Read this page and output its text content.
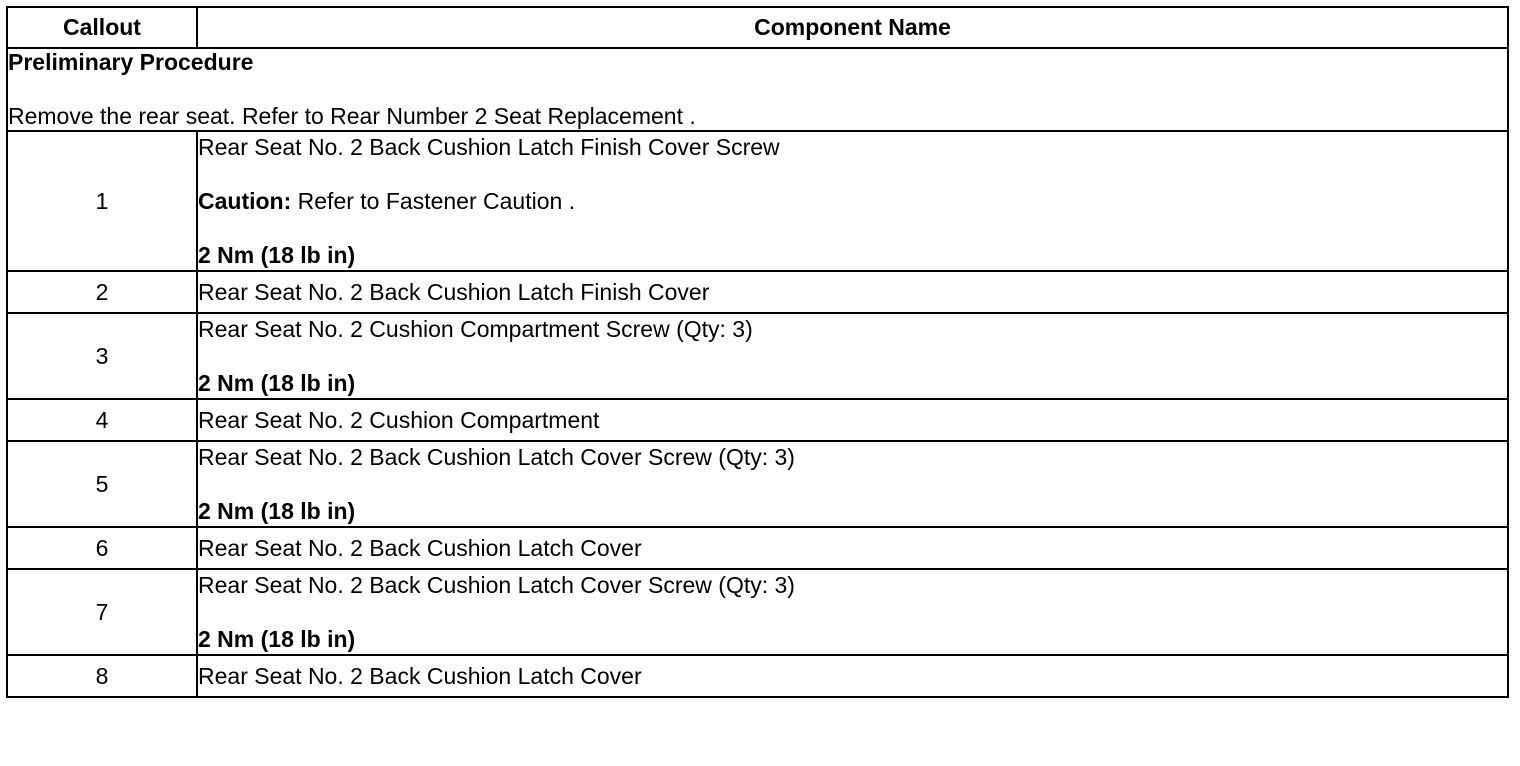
Callout	Component Name

Preliminary Procedure
Remove the rear seat. Refer to Rear Number 2 Seat Replacement .	

1	Rear Seat No. 2 Back Cushion Latch Finish Cover Screw
Caution: Refer to Fastener Caution .
2 Nm (18 lb in)

2	Rear Seat No. 2 Back Cushion Latch Finish Cover

3	Rear Seat No. 2 Cushion Compartment Screw (Qty: 3)
2 Nm (18 lb in)

4	Rear Seat No. 2 Cushion Compartment

5	Rear Seat No. 2 Back Cushion Latch Cover Screw (Qty: 3)
2 Nm (18 lb in)

6	Rear Seat No. 2 Back Cushion Latch Cover

7	Rear Seat No. 2 Back Cushion Latch Cover Screw (Qty: 3)
2 Nm (18 lb in)

8	Rear Seat No. 2 Back Cushion Latch Cover
